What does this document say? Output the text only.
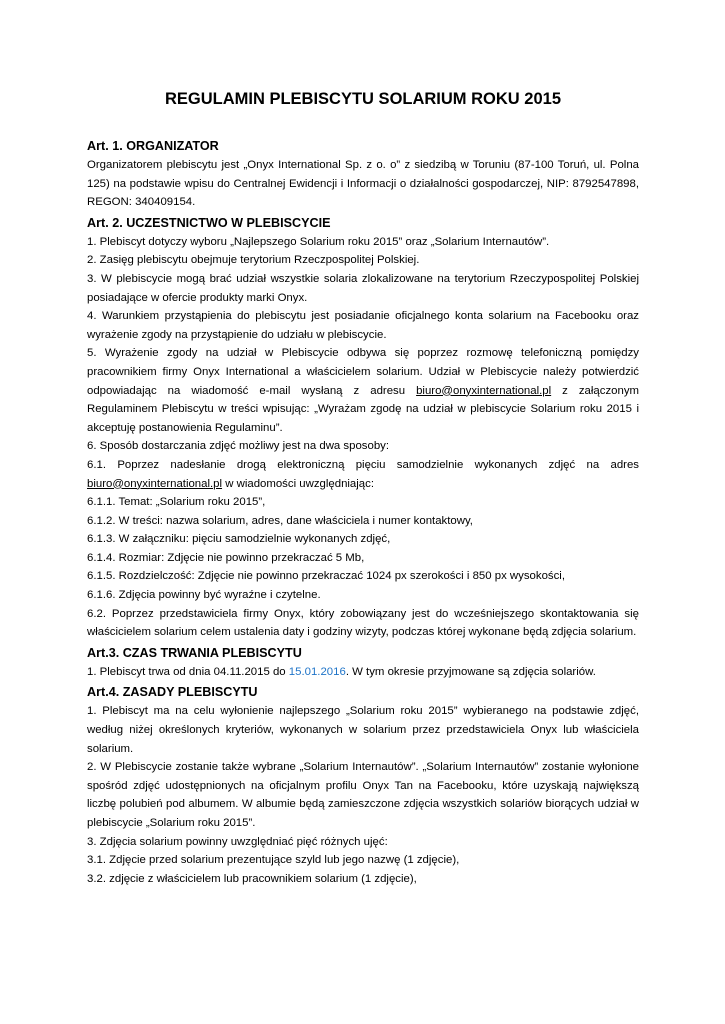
REGULAMIN PLEBISCYTU SOLARIUM ROKU 2015
Art. 1. ORGANIZATOR

Organizatorem plebiscytu jest „Onyx International Sp. z o. o” z siedzibą w Toruniu (87-100 Toruń, ul. Polna 125) na podstawie wpisu do Centralnej Ewidencji i Informacji o działalności gospodarczej, NIP: 8792547898, REGON: 340409154.

Art. 2. UCZESTNICTWO W PLEBISCYCIE

1. Plebiscyt dotyczy wyboru „Najlepszego Solarium roku 2015” oraz „Solarium Internautów”.

2. Zasięg plebiscytu obejmuje terytorium Rzeczpospolitej Polskiej.

3. W plebiscycie mogą brać udział wszystkie solaria zlokalizowane na terytorium Rzeczypospolitej Polskiej posiadające w ofercie produkty marki Onyx.

4. Warunkiem przystąpienia do plebiscytu jest posiadanie oficjalnego konta solarium na Facebooku oraz wyrażenie zgody na przystąpienie do udziału w plebiscycie.

5. Wyrażenie zgody na udział w Plebiscycie odbywa się poprzez rozmowę telefoniczną pomiędzy pracownikiem firmy Onyx International a właścicielem solarium. Udział w Plebiscycie należy potwierdzić odpowiadając na wiadomość e-mail wysłaną z adresu biuro@onyxinternational.pl z załączonym Regulaminem Plebiscytu w treści wpisując: „Wyrażam zgodę na udział w plebiscycie Solarium roku 2015 i akceptuję postanowienia Regulaminu”.

6. Sposób dostarczania zdjęć możliwy jest na dwa sposoby:

6.1. Poprzez nadesłanie drogą elektroniczną pięciu samodzielnie wykonanych zdjęć na adres biuro@onyxinternational.pl w wiadomości uwzględniając:

6.1.1. Temat: „Solarium roku 2015”,

6.1.2. W treści: nazwa solarium, adres, dane właściciela i numer kontaktowy,

6.1.3. W załączniku: pięciu samodzielnie wykonanych zdjęć,

6.1.4. Rozmiar: Zdjęcie nie powinno przekraczać 5 Mb,

6.1.5. Rozdzielczość: Zdjęcie nie powinno przekraczać 1024 px szerokości i 850 px wysokości,

6.1.6. Zdjęcia powinny być wyraźne i czytelne.

6.2. Poprzez przedstawiciela firmy Onyx, który zobowiązany jest do wcześniejszego skontaktowania się właścicielem solarium celem ustalenia daty i godziny wizyty, podczas której wykonane będą zdjęcia solarium.

Art.3. CZAS TRWANIA PLEBISCYTU

1. Plebiscyt trwa od dnia 04.11.2015 do 15.01.2016. W tym okresie przyjmowane są zdjęcia solariów.

Art.4. ZASADY PLEBISCYTU

1. Plebiscyt ma na celu wyłonienie najlepszego „Solarium roku 2015” wybieranego na podstawie zdjęć, według niżej określonych kryteriów, wykonanych w solarium przez przedstawiciela Onyx lub właściciela solarium.

2. W Plebiscycie zostanie także wybrane „Solarium Internautów”. „Solarium Internautów” zostanie wyłonione spośród zdjęć udostępnionych na oficjalnym profilu Onyx Tan na Facebooku, które uzyskają największą liczbę polubień pod albumem. W albumie będą zamieszczone zdjęcia wszystkich solariów biorących udział w plebiscycie „Solarium roku 2015”.

3. Zdjęcia solarium powinny uwzględniać pięć różnych ujęć:

3.1. Zdjęcie przed solarium prezentujące szyld lub jego nazwę (1 zdjęcie),

3.2. zdjęcie z właścicielem lub pracownikiem solarium (1 zdjęcie),
